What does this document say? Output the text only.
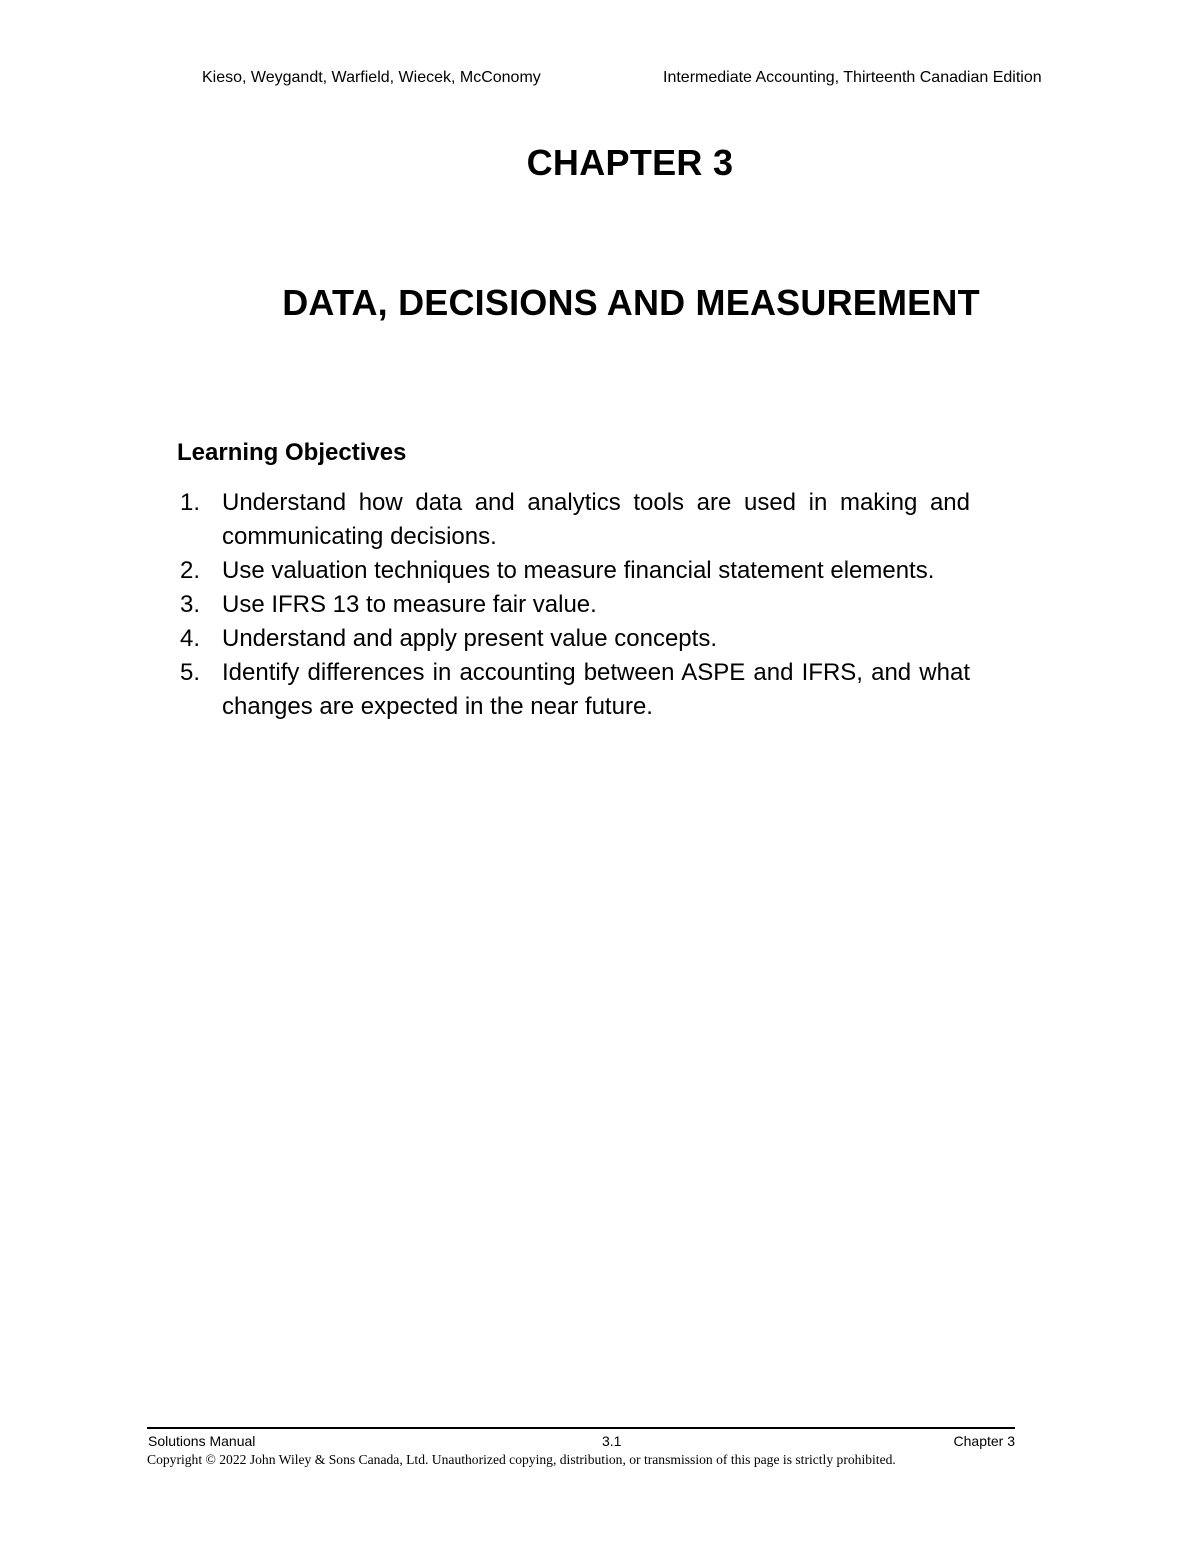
Kieso, Weygandt, Warfield, Wiecek, McConomy	Intermediate Accounting, Thirteenth Canadian Edition
CHAPTER 3
DATA, DECISIONS AND MEASUREMENT
Learning Objectives
1. Understand how data and analytics tools are used in making and communicating decisions.
2. Use valuation techniques to measure financial statement elements.
3. Use IFRS 13 to measure fair value.
4. Understand and apply present value concepts.
5. Identify differences in accounting between ASPE and IFRS, and what changes are expected in the near future.
Solutions Manual	3.1	Chapter 3
Copyright © 2022 John Wiley & Sons Canada, Ltd. Unauthorized copying, distribution, or transmission of this page is strictly prohibited.
